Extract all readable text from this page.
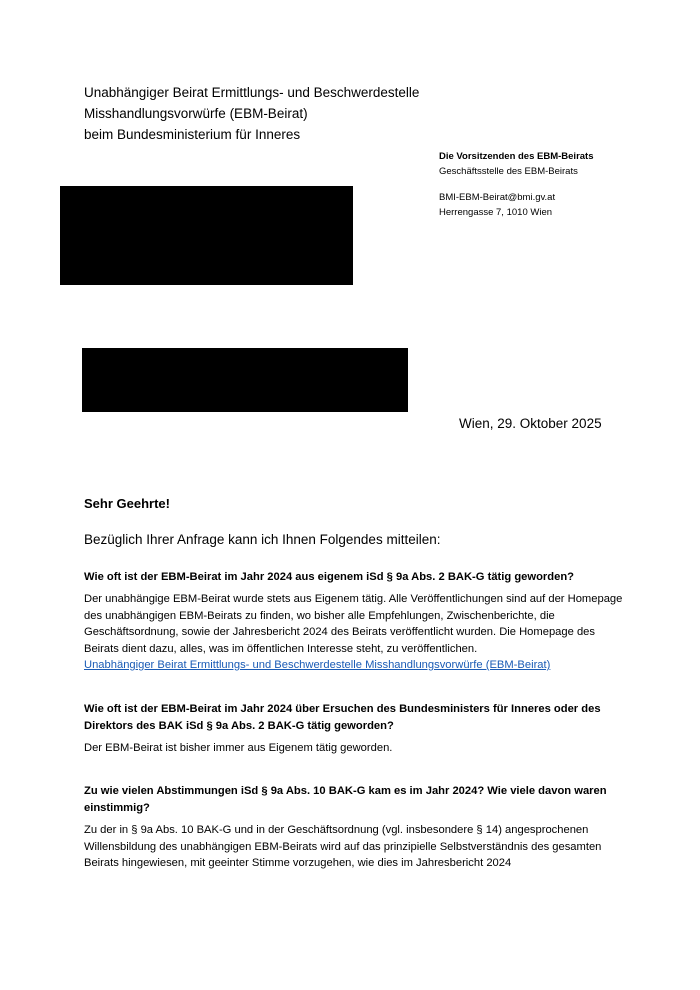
Unabhängiger Beirat Ermittlungs- und Beschwerdestelle
Misshandlungsvorwürfe (EBM-Beirat)
beim Bundesministerium für Inneres
Die Vorsitzenden des EBM-Beirats
Geschäftsstelle des EBM-Beirats
BMI-EBM-Beirat@bmi.gv.at
Herrengasse 7, 1010 Wien
Wien, 29. Oktober 2025

Sehr Geehrte!

Bezüglich Ihrer Anfrage kann ich Ihnen Folgendes mitteilen:

Wie oft ist der EBM-Beirat im Jahr 2024 aus eigenem iSd § 9a Abs. 2 BAK-G tätig geworden?

Der unabhängige EBM-Beirat wurde stets aus Eigenem tätig. Alle Veröffentlichungen sind auf der Homepage des unabhängigen EBM-Beirats zu finden, wo bisher alle Empfehlungen, Zwischenberichte, die Geschäftsordnung, sowie der Jahresbericht 2024 des Beirats veröffentlicht wurden. Die Homepage des Beirats dient dazu, alles, was im öffentlichen Interesse steht, zu veröffentlichen.
Unabhängiger Beirat Ermittlungs- und Beschwerdestelle Misshandlungsvorwürfe (EBM-Beirat)

Wie oft ist der EBM-Beirat im Jahr 2024 über Ersuchen des Bundesministers für Inneres oder des Direktors des BAK iSd § 9a Abs. 2 BAK-G tätig geworden?

Der EBM-Beirat ist bisher immer aus Eigenem tätig geworden.

Zu wie vielen Abstimmungen iSd § 9a Abs. 10 BAK-G kam es im Jahr 2024? Wie viele davon waren einstimmig?

Zu der in § 9a Abs. 10 BAK-G und in der Geschäftsordnung (vgl. insbesondere § 14) angesprochenen Willensbildung des unabhängigen EBM-Beirats wird auf das prinzipielle Selbstverständnis des gesamten Beirats hingewiesen, mit geeinter Stimme vorzugehen, wie dies im Jahresbericht 2024
